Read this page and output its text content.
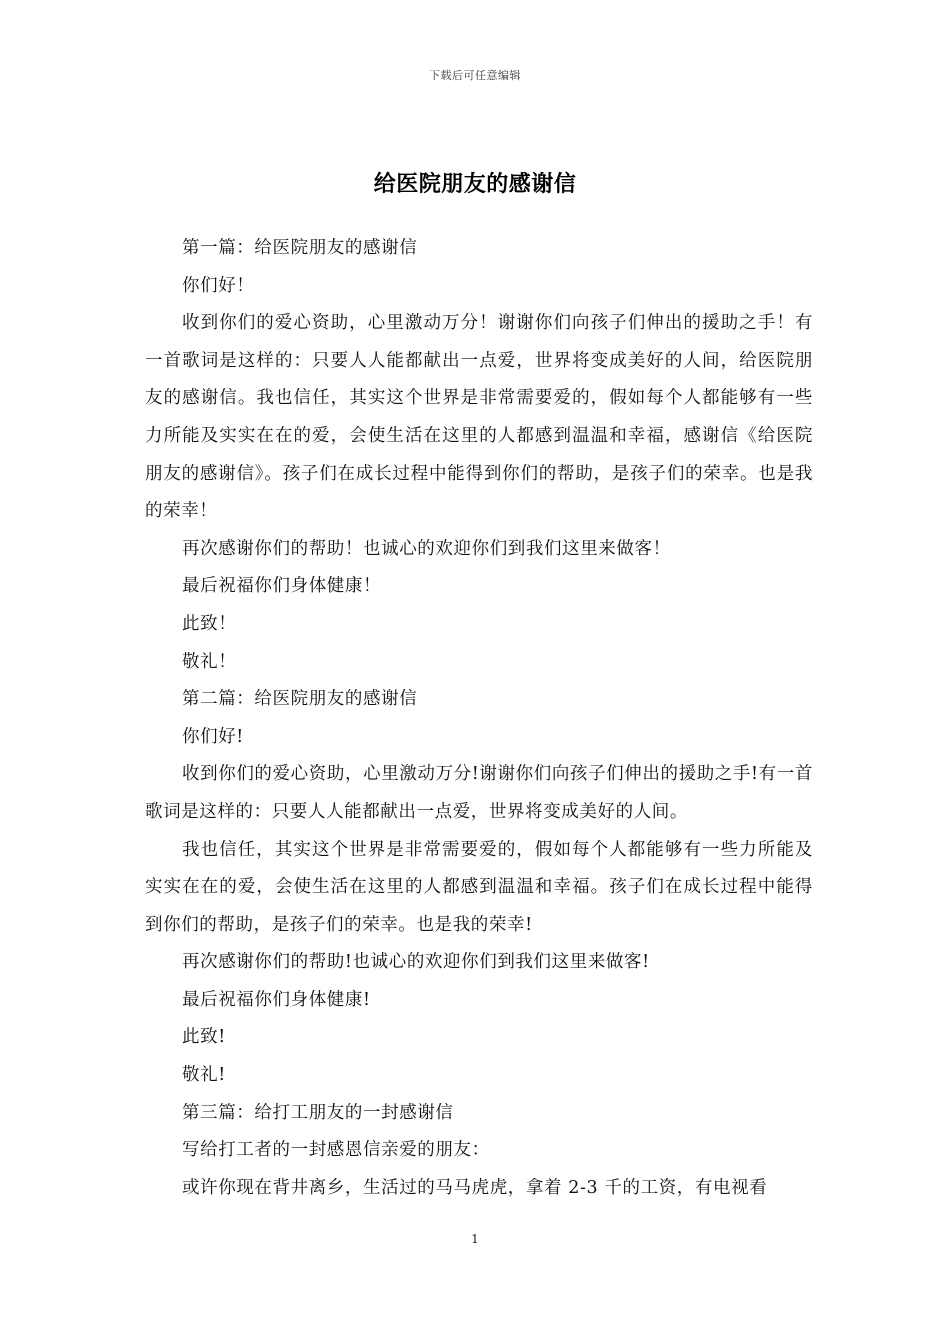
下载后可任意编辑
给医院朋友的感谢信

第一篇：给医院朋友的感谢信

你们好！

收到你们的爱心资助，心里激动万分！谢谢你们向孩子们伸出的援助之手！有一首歌词是这样的：只要人人能都献出一点爱，世界将变成美好的人间，给医院朋友的感谢信。我也信任，其实这个世界是非常需要爱的，假如每个人都能够有一些力所能及实实在在的爱，会使生活在这里的人都感到温温和幸福，感谢信《给医院朋友的感谢信》。孩子们在成长过程中能得到你们的帮助，是孩子们的荣幸。也是我的荣幸！

再次感谢你们的帮助！也诚心的欢迎你们到我们这里来做客！

最后祝福你们身体健康！

此致！

敬礼！

第二篇：给医院朋友的感谢信

你们好!

收到你们的爱心资助，心里激动万分!谢谢你们向孩子们伸出的援助之手!有一首歌词是这样的：只要人人能都献出一点爱，世界将变成美好的人间。

我也信任，其实这个世界是非常需要爱的，假如每个人都能够有一些力所能及实实在在的爱，会使生活在这里的人都感到温温和幸福。孩子们在成长过程中能得到你们的帮助，是孩子们的荣幸。也是我的荣幸!

再次感谢你们的帮助!也诚心的欢迎你们到我们这里来做客!

最后祝福你们身体健康!

此致!

敬礼!

第三篇：给打工朋友的一封感谢信

写给打工者的一封感恩信亲爱的朋友：

或许你现在背井离乡，生活过的马马虎虎，拿着 2-3 千的工资，有电视看

1
